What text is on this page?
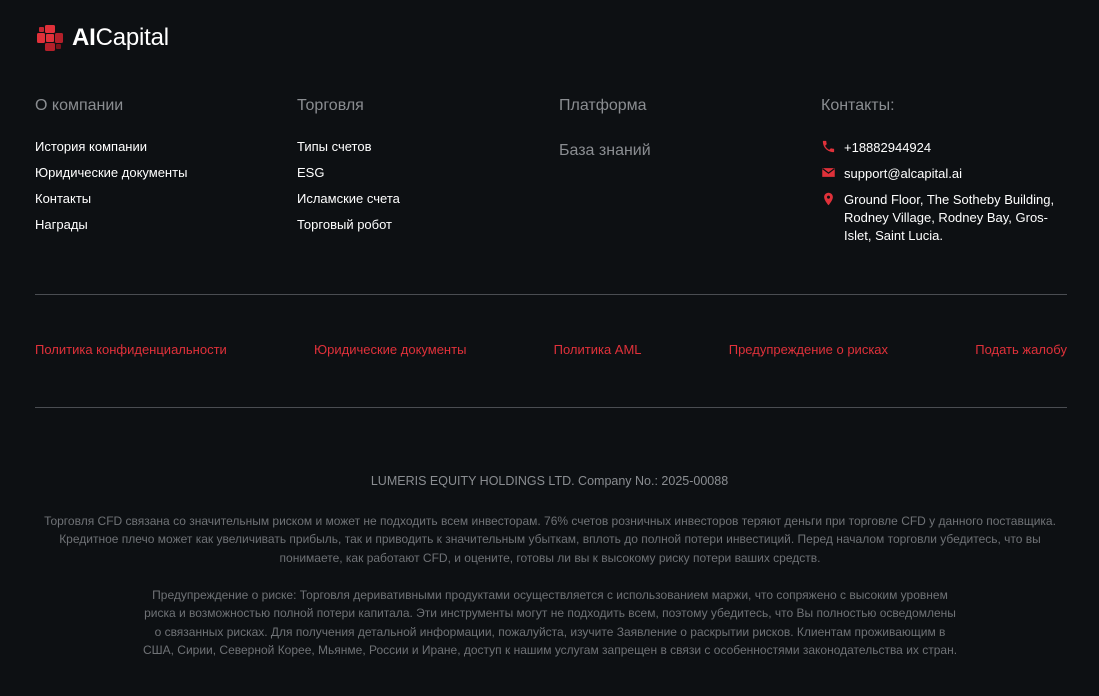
AICapital
О компании
История компании
Юридические документы
Контакты
Награды
Торговля
Типы счетов
ESG
Исламские счета
Торговый робот
Платформа
База знаний
Контакты:
+18882944924
support@alcapital.ai
Ground Floor, The Sotheby Building, Rodney Village, Rodney Bay, Gros-Islet, Saint Lucia.
Политика конфиденциальности	Юридические документы	Политика AML	Предупреждение о рисках	Подать жалобу
LUMERIS EQUITY HOLDINGS LTD. Company No.: 2025-00088

Торговля CFD связана со значительным риском и может не подходить всем инвесторам. 76% счетов розничных инвесторов теряют деньги при торговле CFD у данного поставщика. Кредитное плечо может как увеличивать прибыль, так и приводить к значительным убыткам, вплоть до полной потери инвестиций. Перед началом торговли убедитесь, что вы понимаете, как работают CFD, и оцените, готовы ли вы к высокому риску потери ваших средств.

Предупреждение о риске: Торговля деривативными продуктами осуществляется с использованием маржи, что сопряжено с высоким уровнем риска и возможностью полной потери капитала. Эти инструменты могут не подходить всем, поэтому убедитесь, что Вы полностью осведомлены о связанных рисках. Для получения детальной информации, пожалуйста, изучите Заявление о раскрытии рисков. Клиентам проживающим в США, Сирии, Северной Корее, Мьянме, России и Иране, доступ к нашим услугам запрещен в связи с особенностями законодательства их стран.
